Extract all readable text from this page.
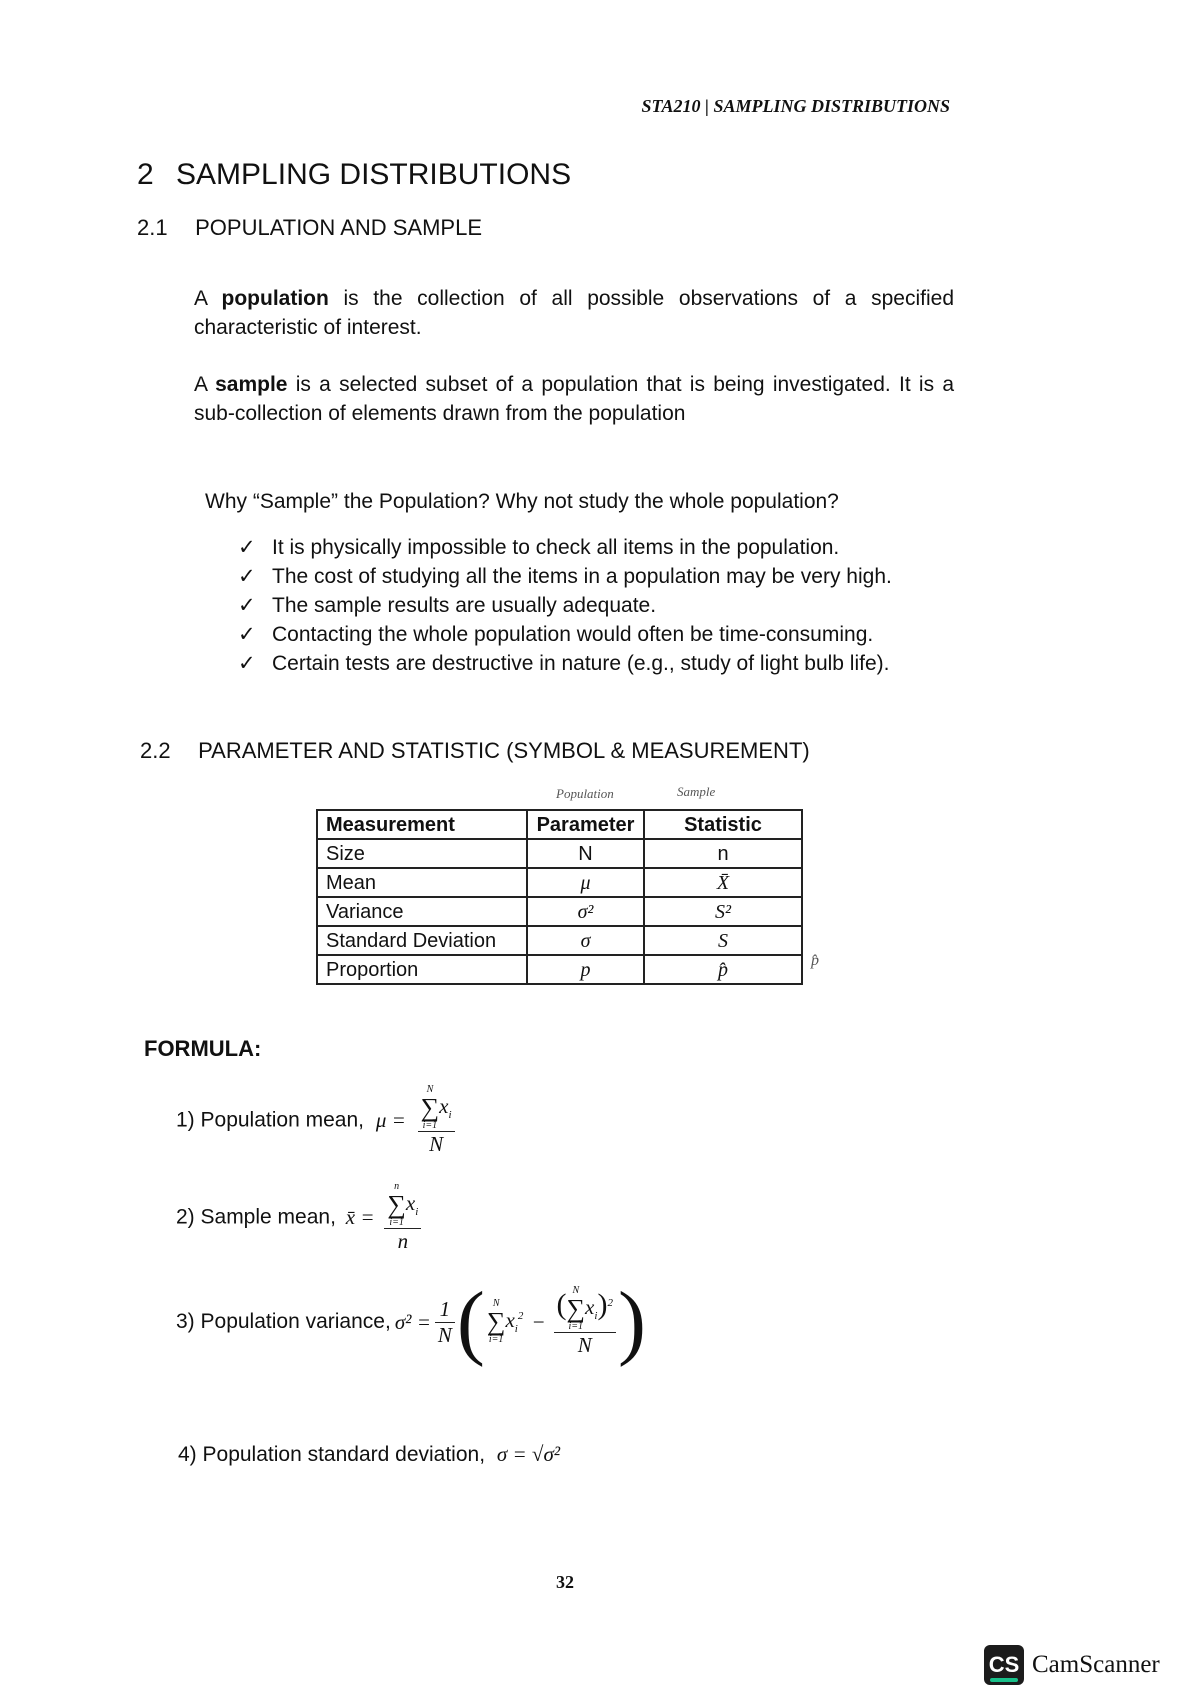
STA210 | SAMPLING DISTRIBUTIONS
2 SAMPLING DISTRIBUTIONS
2.1 POPULATION AND SAMPLE
A population is the collection of all possible observations of a specified characteristic of interest.
A sample is a selected subset of a population that is being investigated. It is a sub-collection of elements drawn from the population
Why “Sample” the Population? Why not study the whole population?
✓ It is physically impossible to check all items in the population.
✓ The cost of studying all the items in a population may be very high.
✓ The sample results are usually adequate.
✓ Contacting the whole population would often be time-consuming.
✓ Certain tests are destructive in nature (e.g., study of light bulb life).
2.2 PARAMETER AND STATISTIC (SYMBOL & MEASUREMENT)
Population	Sample
Measurement	Parameter	Statistic
Size	N	n
Mean	μ	X̄
Variance	σ²	S²
Standard Deviation	σ	S
Proportion	p	p̂	p̂
FORMULA:
1) Population mean, μ = N
∑
i=1
$x_i$
N
2) Sample mean, x̄ = n
∑
i=1
$x_i$
n
3) Population variance, $\sigma^2 = \frac{1}{N}$ ( N
∑
i=1
$x_i^2$ − ( N
∑
i=1
$x_i)^2$
N )
4) Population standard deviation, σ = √σ²
32
CS CamScanner
